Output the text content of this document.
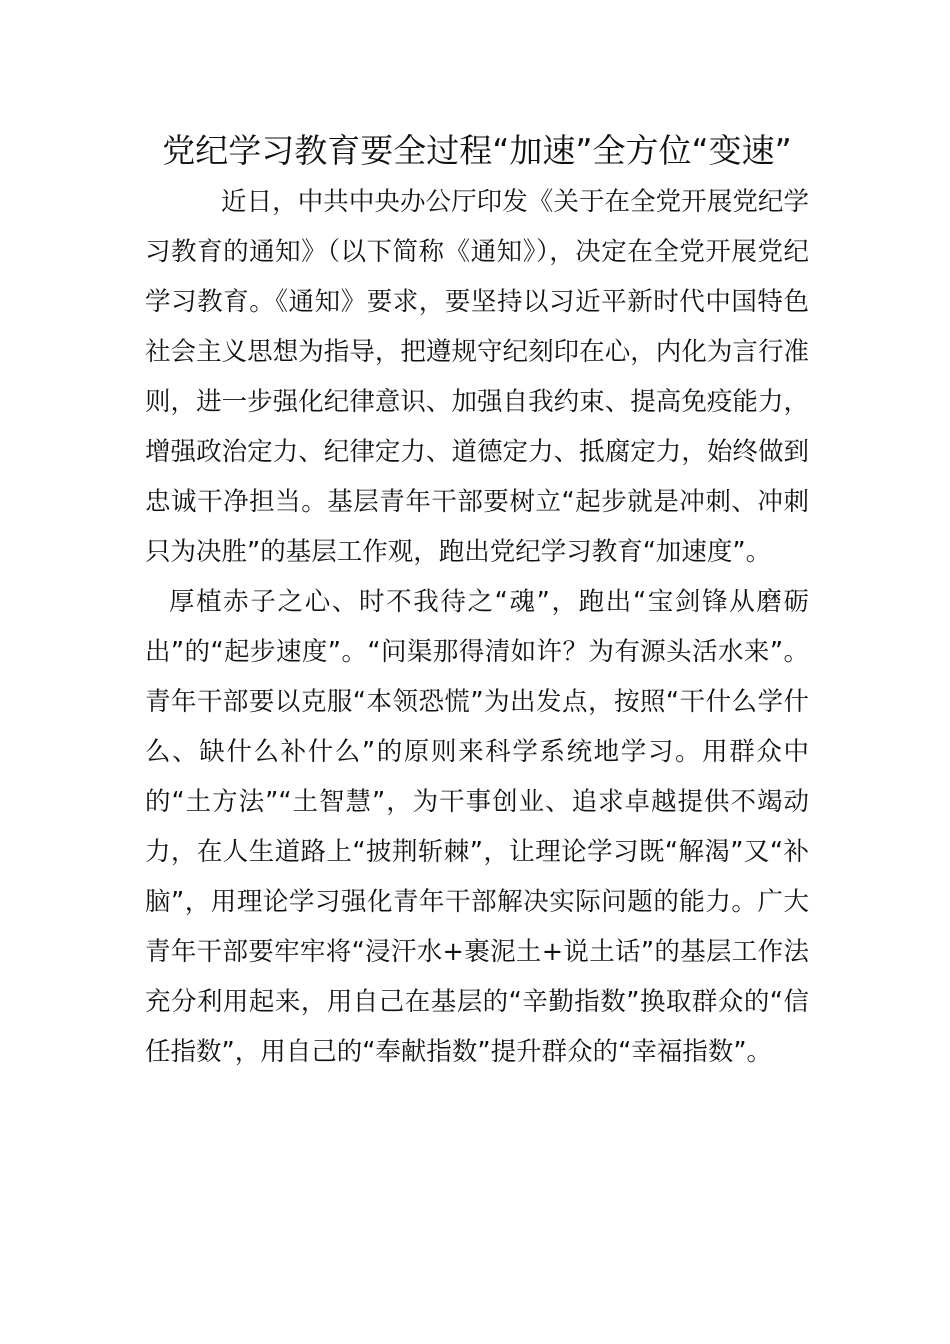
党纪学习教育要全过程“加速”全方位“变速”

近日，中共中央办公厅印发《关于在全党开展党纪学习教育的通知》（以下简称《通知》），决定在全党开展党纪学习教育。《通知》要求，要坚持以习近平新时代中国特色社会主义思想为指导，把遵规守纪刻印在心，内化为言行准则，进一步强化纪律意识、加强自我约束、提高免疫能力，增强政治定力、纪律定力、道德定力、抵腐定力，始终做到忠诚干净担当。基层青年干部要树立“起步就是冲刺、冲刺只为决胜”的基层工作观，跑出党纪学习教育“加速度”。

厚植赤子之心、时不我待之“魂”，跑出“宝剑锋从磨砺出”的“起步速度”。“问渠那得清如许？为有源头活水来”。青年干部要以克服“本领恐慌”为出发点，按照“干什么学什么、缺什么补什么”的原则来科学系统地学习。用群众中的“土方法”“土智慧”，为干事创业、追求卓越提供不竭动力，在人生道路上“披荆斩棘”，让理论学习既“解渴”又“补脑”，用理论学习强化青年干部解决实际问题的能力。广大青年干部要牢牢将“浸汗水+裹泥土+说土话”的基层工作法充分利用起来，用自己在基层的“辛勤指数”换取群众的“信任指数”，用自己的“奉献指数”提升群众的“幸福指数”。
